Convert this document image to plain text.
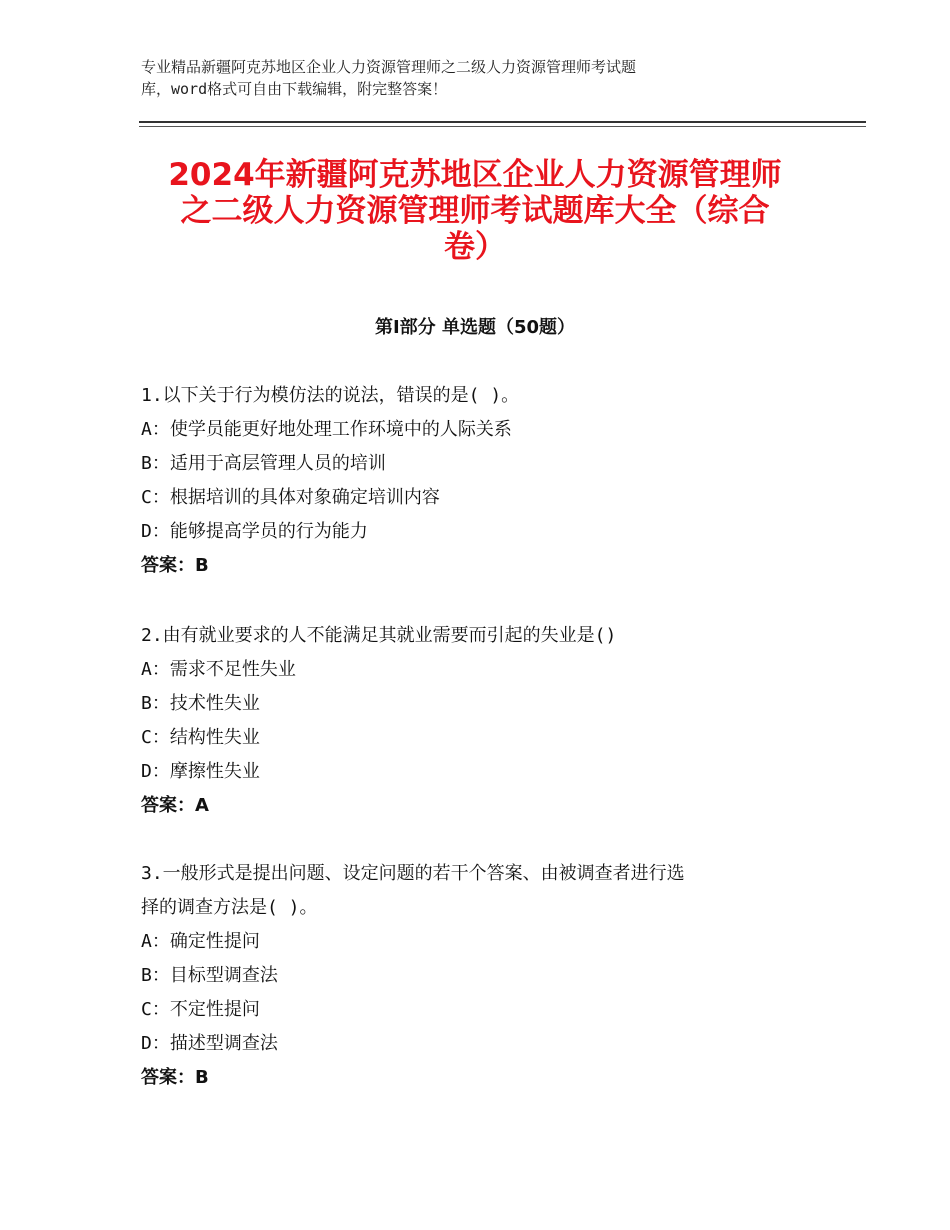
专业精品新疆阿克苏地区企业人力资源管理师之二级人力资源管理师考试题
库，word格式可自由下载编辑，附完整答案！
2024年新疆阿克苏地区企业人力资源管理师
之二级人力资源管理师考试题库大全（综合
卷）
第Ⅰ部分 单选题（50题）
1.以下关于行为模仿法的说法，错误的是( )。
A：使学员能更好地处理工作环境中的人际关系
B：适用于高层管理人员的培训
C：根据培训的具体对象确定培训内容
D：能够提高学员的行为能力
答案：B
2.由有就业要求的人不能满足其就业需要而引起的失业是()
A：需求不足性失业
B：技术性失业
C：结构性失业
D：摩擦性失业
答案：A
3.一般形式是提出问题、设定问题的若干个答案、由被调查者进行选
择的调查方法是( )。
A：确定性提问
B：目标型调查法
C：不定性提问
D：描述型调查法
答案：B
